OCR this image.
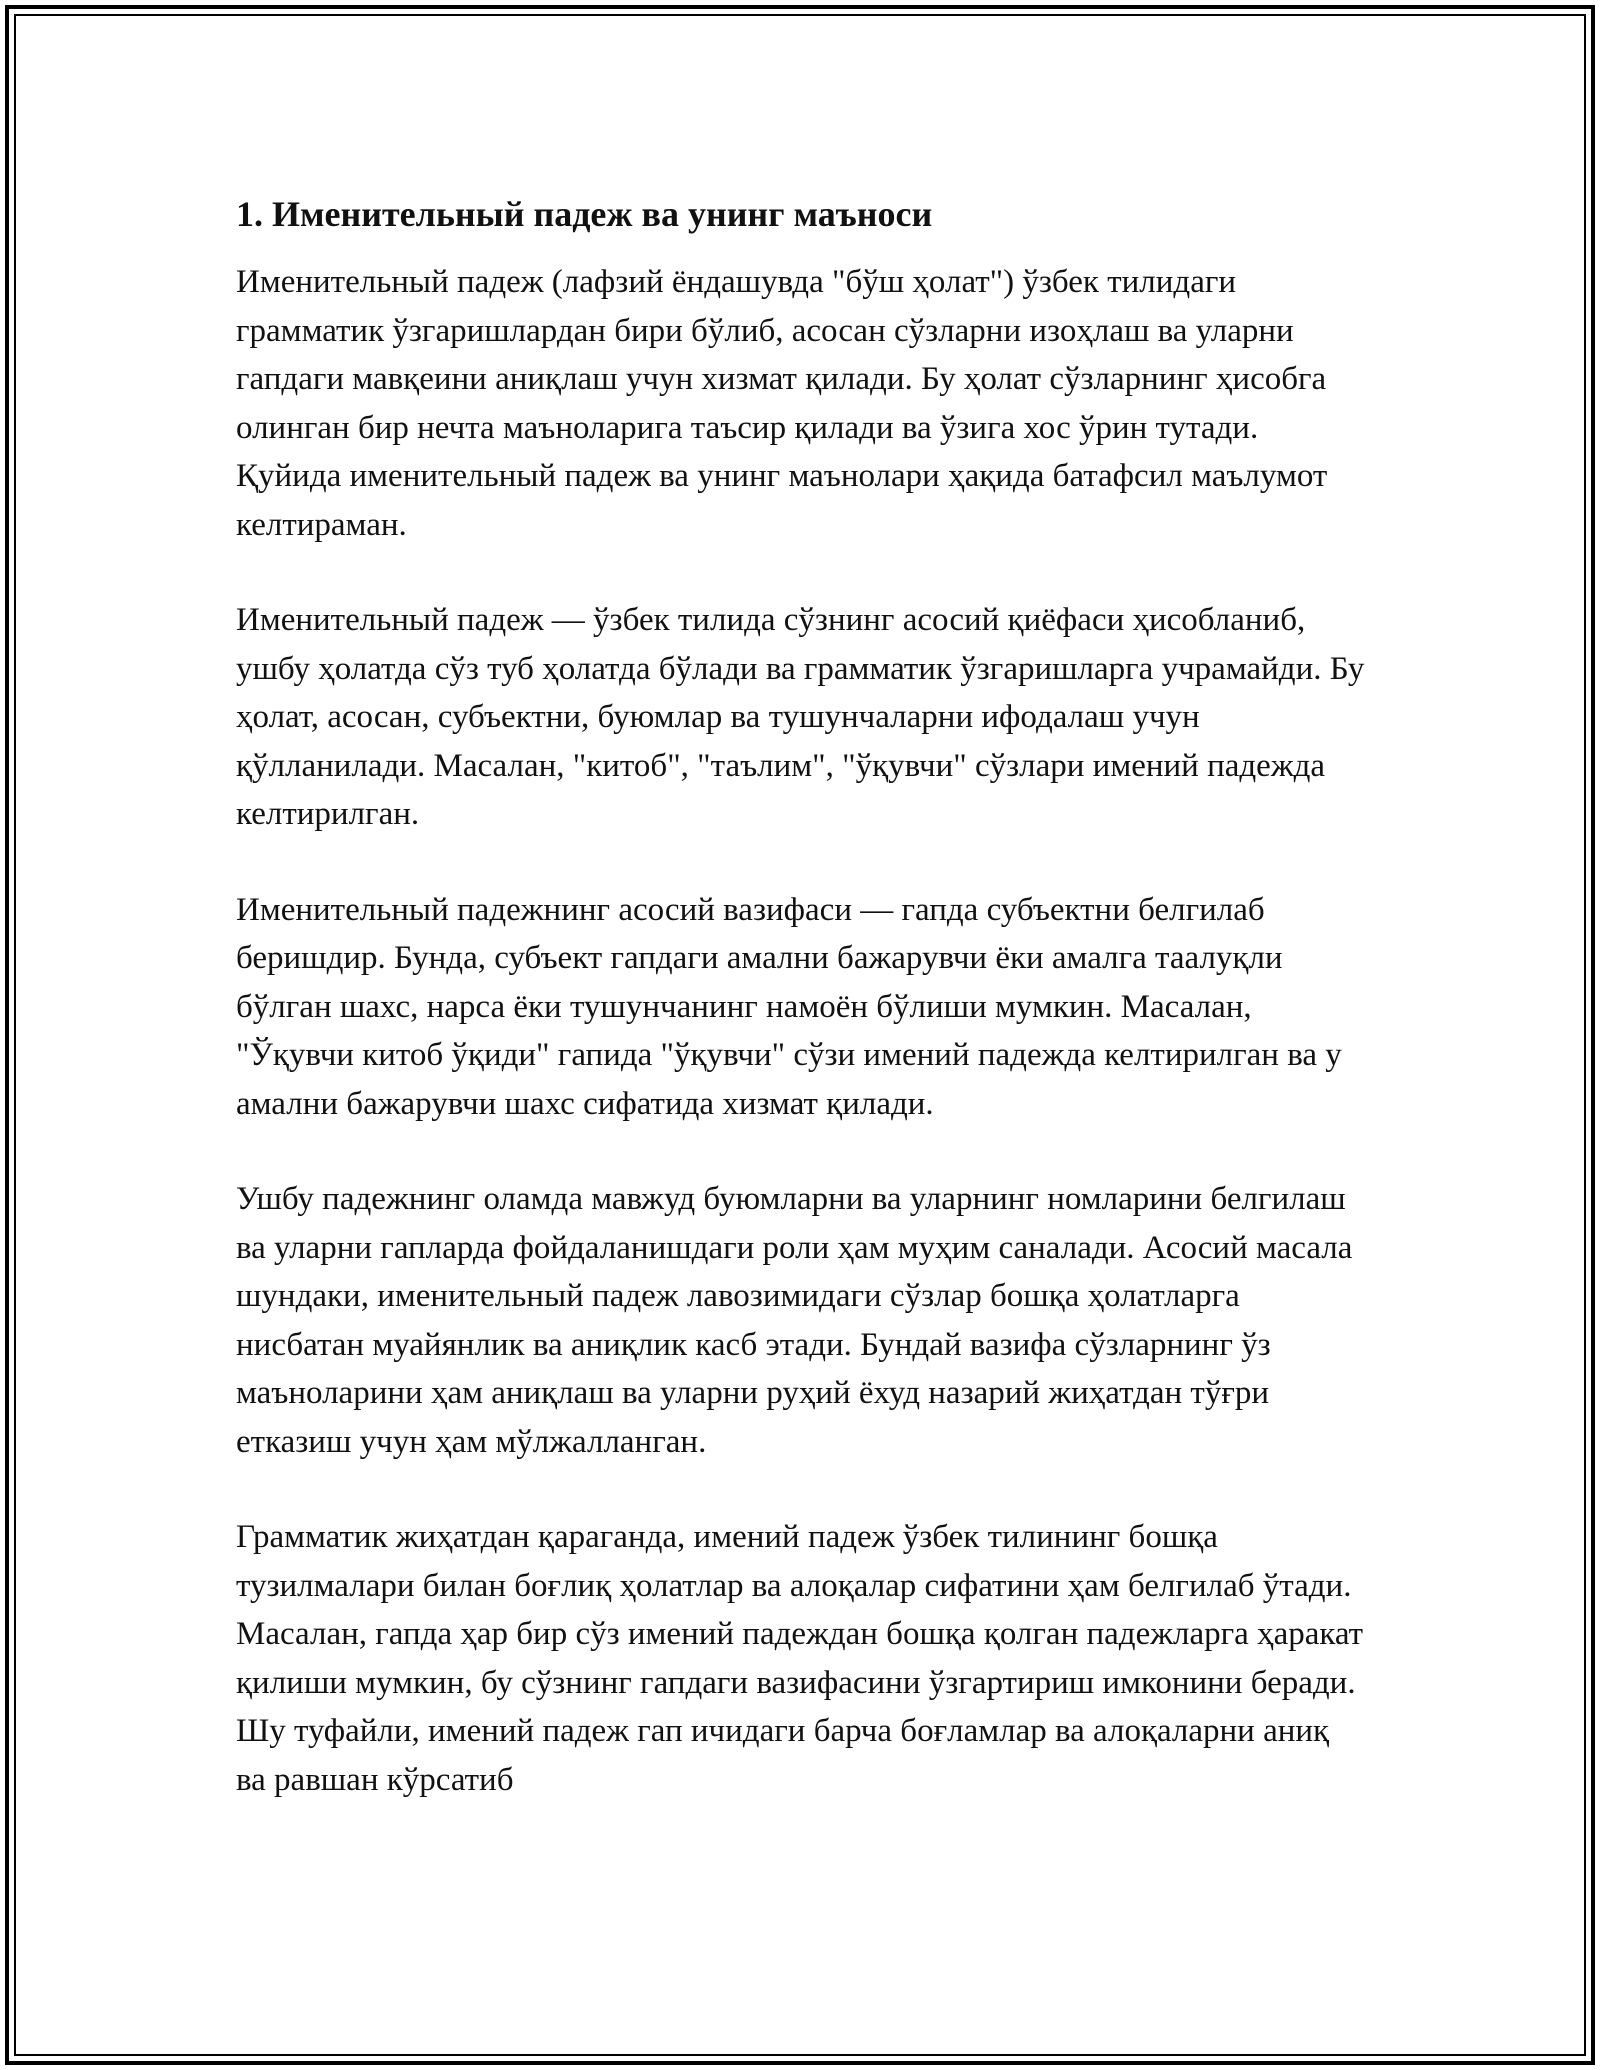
1. Именительный падеж ва унинг маъноси

Именительный падеж (лафзий ёндашувда "бўш ҳолат") ўзбек тилидаги грамматик ўзгаришлардан бири бўлиб, асосан сўзларни изоҳлаш ва уларни гапдаги мавқеини аниқлаш учун хизмат қилади. Бу ҳолат сўзларнинг ҳисобга олинган бир нечта маъноларига таъсир қилади ва ўзига хос ўрин тутади. Қуйида именительный падеж ва унинг маънолари ҳақида батафсил маълумот келтираман.

Именительный падеж — ўзбек тилида сўзнинг асосий қиёфаси ҳисобланиб, ушбу ҳолатда сўз туб ҳолатда бўлади ва грамматик ўзгаришларга учрамайди. Бу ҳолат, асосан, субъектни, буюмлар ва тушунчаларни ифодалаш учун қўлланилади. Масалан, "китоб", "таълим", "ўқувчи" сўзлари имений падежда келтирилган.

Именительный падежнинг асосий вазифаси — гапда субъектни белгилаб беришдир. Бунда, субъект гапдаги амални бажарувчи ёки амалга таалуқли бўлган шахс, нарса ёки тушунчанинг намоён бўлиши мумкин. Масалан, "Ўқувчи китоб ўқиди" гапида "ўқувчи" сўзи имений падежда келтирилган ва у амални бажарувчи шахс сифатида хизмат қилади.

Ушбу падежнинг оламда мавжуд буюмларни ва уларнинг номларини белгилаш ва уларни гапларда фойдаланишдаги роли ҳам муҳим саналади. Асосий масала шундаки, именительный падеж лавозимидаги сўзлар бошқа ҳолатларга нисбатан муайянлик ва аниқлик касб этади. Бундай вазифа сўзларнинг ўз маъноларини ҳам аниқлаш ва уларни руҳий ёхуд назарий жиҳатдан тўғри етказиш учун ҳам мўлжалланган.

Грамматик жиҳатдан қараганда, имений падеж ўзбек тилининг бошқа тузилмалари билан боғлиқ ҳолатлар ва алоқалар сифатини ҳам белгилаб ўтади. Масалан, гапда ҳар бир сўз имений падеждан бошқа қолган падежларга ҳаракат қилиши мумкин, бу сўзнинг гапдаги вазифасини ўзгартириш имконини беради. Шу туфайли, имений падеж гап ичидаги барча боғламлар ва алоқаларни аниқ ва равшан кўрсатиб
